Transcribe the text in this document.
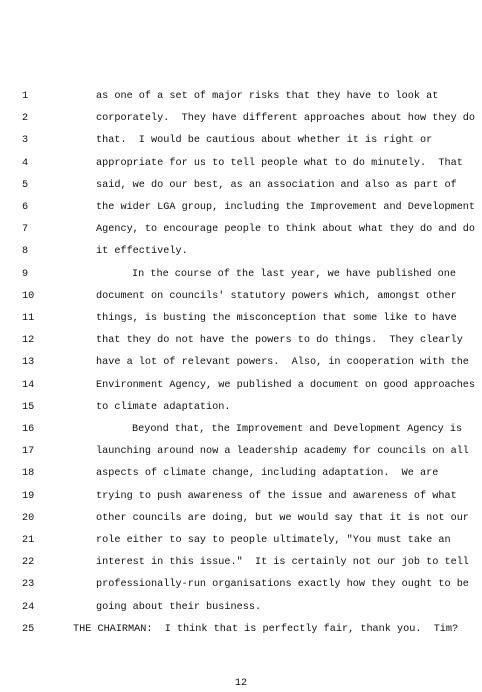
1	as one of a set of major risks that they have to look at
2	corporately.  They have different approaches about how they do
3	that.  I would be cautious about whether it is right or
4	appropriate for us to tell people what to do minutely.  That
5	said, we do our best, as an association and also as part of
6	the wider LGA group, including the Improvement and Development
7	Agency, to encourage people to think about what they do and do
8	it effectively.
9	In the course of the last year, we have published one
10	document on councils' statutory powers which, amongst other
11	things, is busting the misconception that some like to have
12	that they do not have the powers to do things.  They clearly
13	have a lot of relevant powers.  Also, in cooperation with the
14	Environment Agency, we published a document on good approaches
15	to climate adaptation.
16	Beyond that, the Improvement and Development Agency is
17	launching around now a leadership academy for councils on all
18	aspects of climate change, including adaptation.  We are
19	trying to push awareness of the issue and awareness of what
20	other councils are doing, but we would say that it is not our
21	role either to say to people ultimately, "You must take an
22	interest in this issue."  It is certainly not our job to tell
23	professionally-run organisations exactly how they ought to be
24	going about their business.
25	THE CHAIRMAN:  I think that is perfectly fair, thank you.  Tim?
12
